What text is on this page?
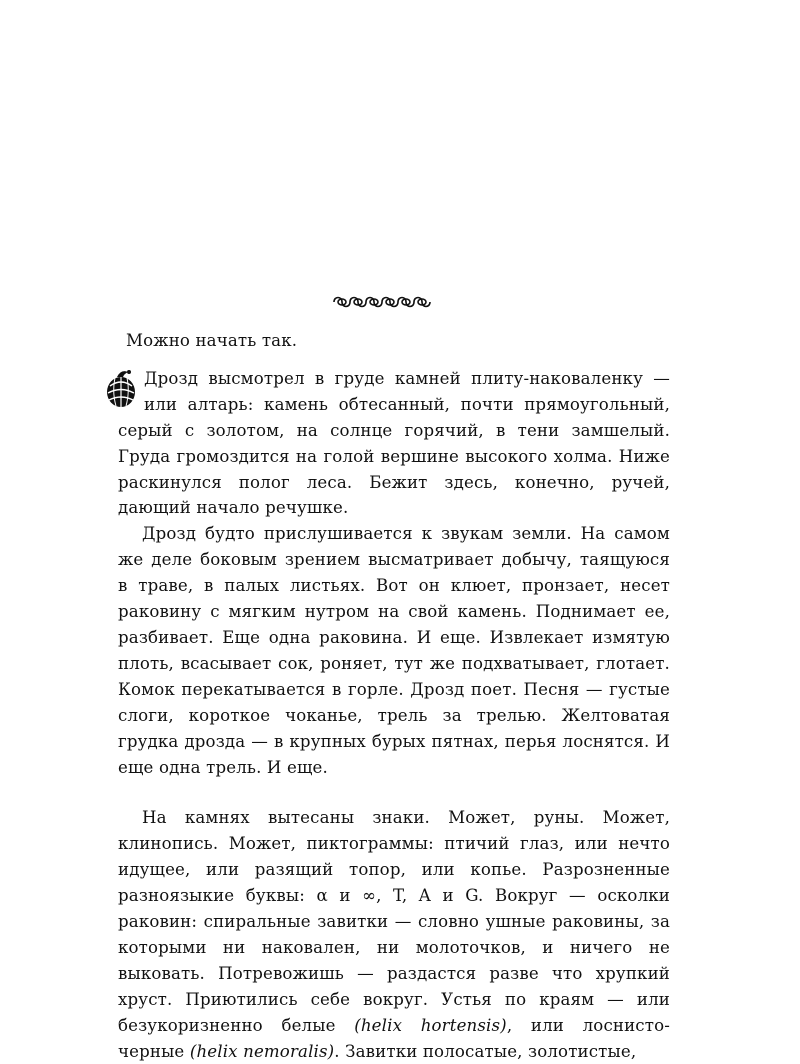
Можно начать так.

Дрозд высмотрел в груде камней плиту-наковаленку — или алтарь: камень обтесанный, почти прямоугольный, серый с золотом, на солнце горячий, в тени замшелый. Груда громоздится на голой вершине высокого холма. Ниже раскинулся полог леса. Бежит здесь, конечно, ручей, дающий начало речушке.

Дрозд будто прислушивается к звукам земли. На самом же деле боковым зрением высматривает добычу, таящуюся в траве, в палых листьях. Вот он клюет, пронзает, несет раковину с мягким нутром на свой камень. Поднимает ее, разбивает. Еще одна раковина. И еще. Извлекает измятую плоть, всасывает сок, роняет, тут же подхватывает, глотает. Комок перекатывается в горле. Дрозд поет. Песня — густые слоги, короткое чоканье, трель за трелью. Желтоватая грудка дрозда — в крупных бурых пятнах, перья лоснятся. И еще одна трель. И еще.

На камнях вытесаны знаки. Может, руны. Может, клинопись. Может, пиктограммы: птичий глаз, или нечто идущее, или разящий топор, или копье. Разрозненные разноязыкие буквы: α и ∞, T, A и G. Вокруг — осколки раковин: спиральные завитки — словно ушные раковины, за которыми ни наковален, ни молоточков, и ничего не выковать. Потревожишь — раздастся разве что хрупкий хруст. Приютились себе вокруг. Устья по краям — или безукоризненно белые (helix hortensis), или лоснисто-черные (helix nemoralis). Завитки полосатые, золотистые,
